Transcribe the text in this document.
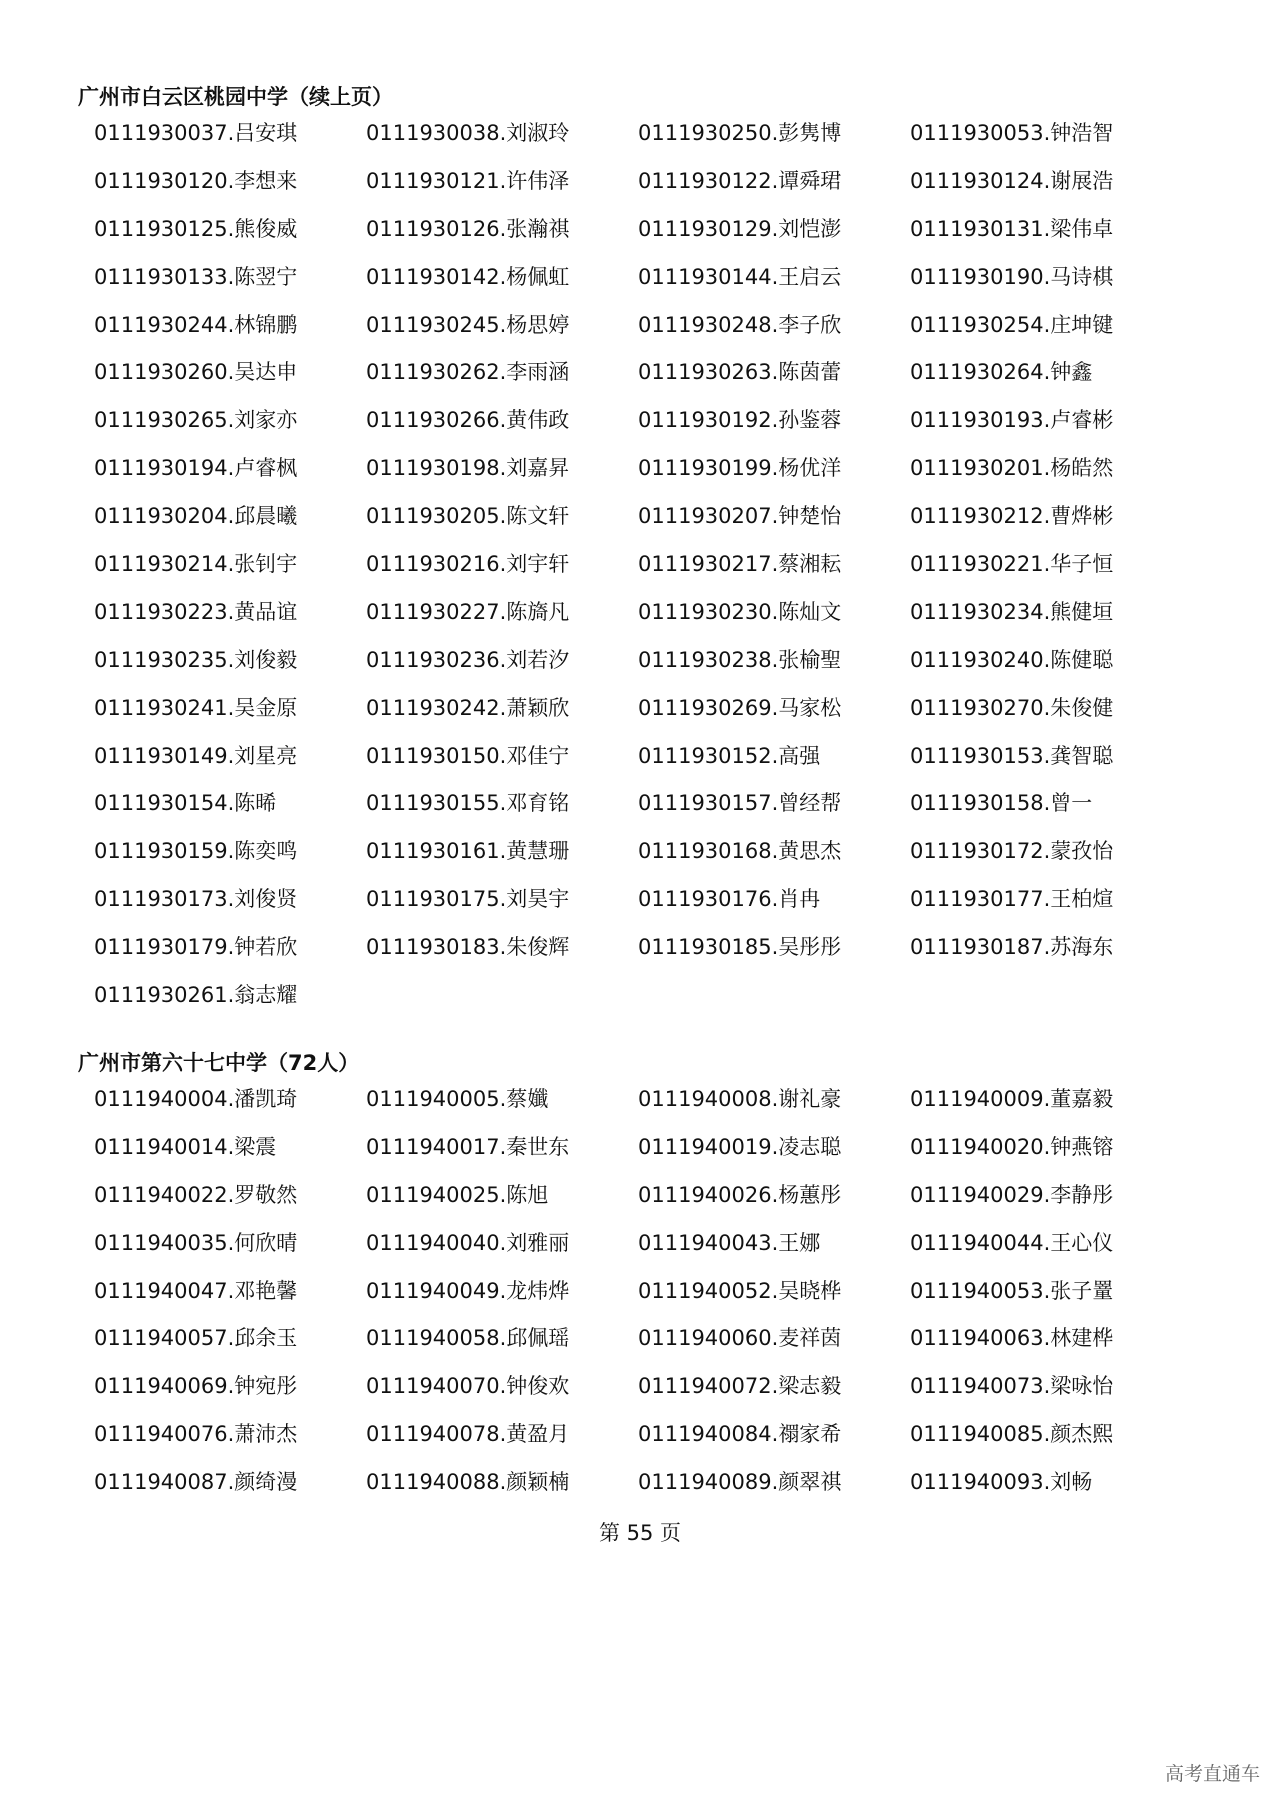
广州市白云区桃园中学（续上页）
0111930037.吕安琪	0111930038.刘淑玲	0111930250.彭隽博	0111930053.钟浩智
0111930120.李想来	0111930121.许伟泽	0111930122.谭舜珺	0111930124.谢展浩
0111930125.熊俊威	0111930126.张瀚祺	0111930129.刘恺澎	0111930131.梁伟卓
0111930133.陈翌宁	0111930142.杨佩虹	0111930144.王启云	0111930190.马诗棋
0111930244.林锦鹏	0111930245.杨思婷	0111930248.李子欣	0111930254.庄坤键
0111930260.吴达申	0111930262.李雨涵	0111930263.陈茵蕾	0111930264.钟鑫
0111930265.刘家亦	0111930266.黄伟政	0111930192.孙鉴蓉	0111930193.卢睿彬
0111930194.卢睿枫	0111930198.刘嘉昇	0111930199.杨优洋	0111930201.杨皓然
0111930204.邱晨曦	0111930205.陈文轩	0111930207.钟楚怡	0111930212.曹烨彬
0111930214.张钊宇	0111930216.刘宇轩	0111930217.蔡湘耘	0111930221.华子恒
0111930223.黄品谊	0111930227.陈旖凡	0111930230.陈灿文	0111930234.熊健垣
0111930235.刘俊毅	0111930236.刘若汐	0111930238.张榆聖	0111930240.陈健聪
0111930241.吴金原	0111930242.萧颖欣	0111930269.马家松	0111930270.朱俊健
0111930149.刘星亮	0111930150.邓佳宁	0111930152.高强	0111930153.龚智聪
0111930154.陈晞	0111930155.邓育铭	0111930157.曾经帮	0111930158.曾一
0111930159.陈奕鸣	0111930161.黄慧珊	0111930168.黄思杰	0111930172.蒙孜怡
0111930173.刘俊贤	0111930175.刘昊宇	0111930176.肖冉	0111930177.王柏煊
0111930179.钟若欣	0111930183.朱俊辉	0111930185.吴彤彤	0111930187.苏海东
0111930261.翁志耀
广州市第六十七中学（72人）
0111940004.潘凯琦	0111940005.蔡孅	0111940008.谢礼豪	0111940009.董嘉毅
0111940014.梁震	0111940017.秦世东	0111940019.凌志聪	0111940020.钟燕镕
0111940022.罗敬然	0111940025.陈旭	0111940026.杨蕙彤	0111940029.李静彤
0111940035.何欣晴	0111940040.刘雅丽	0111940043.王娜	0111940044.王心仪
0111940047.邓艳馨	0111940049.龙炜烨	0111940052.吴晓桦	0111940053.张子罿
0111940057.邱余玉	0111940058.邱佩瑶	0111940060.麦祥茵	0111940063.林建桦
0111940069.钟宛彤	0111940070.钟俊欢	0111940072.梁志毅	0111940073.梁咏怡
0111940076.萧沛杰	0111940078.黄盈月	0111940084.禤家希	0111940085.颜杰熙
0111940087.颜绮漫	0111940088.颜颖楠	0111940089.颜翠祺	0111940093.刘畅
第 55 页
高考直通车
